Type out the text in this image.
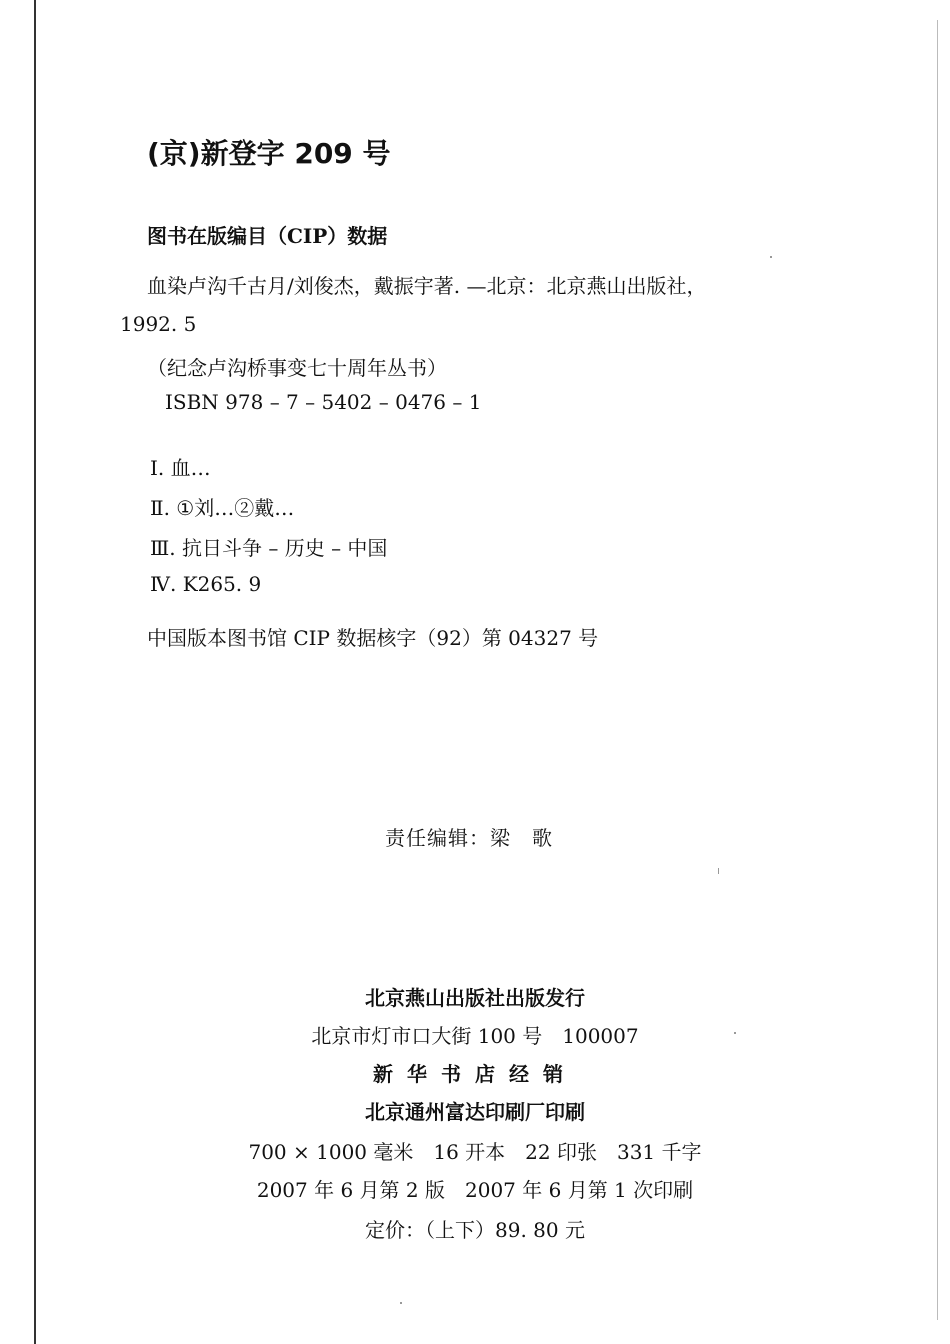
(京)新登字 209 号
图书在版编目（CIP）数据
血染卢沟千古月/刘俊杰，戴振宇著. —北京：北京燕山出版社，
1992. 5
（纪念卢沟桥事变七十周年丛书）
ISBN 978 – 7 – 5402 – 0476 – 1
Ⅰ. 血…
Ⅱ. ①刘…②戴…
Ⅲ. 抗日斗争 – 历史 – 中国
Ⅳ. K265. 9
中国版本图书馆 CIP 数据核字（92）第 04327 号
责任编辑：梁　歌
北京燕山出版社出版发行
北京市灯市口大街 100 号　100007
新华书店经销
北京通州富达印刷厂印刷
700 × 1000 毫米　16 开本　22 印张　331 千字
2007 年 6 月第 2 版　2007 年 6 月第 1 次印刷
定价：（上下）89. 80 元
